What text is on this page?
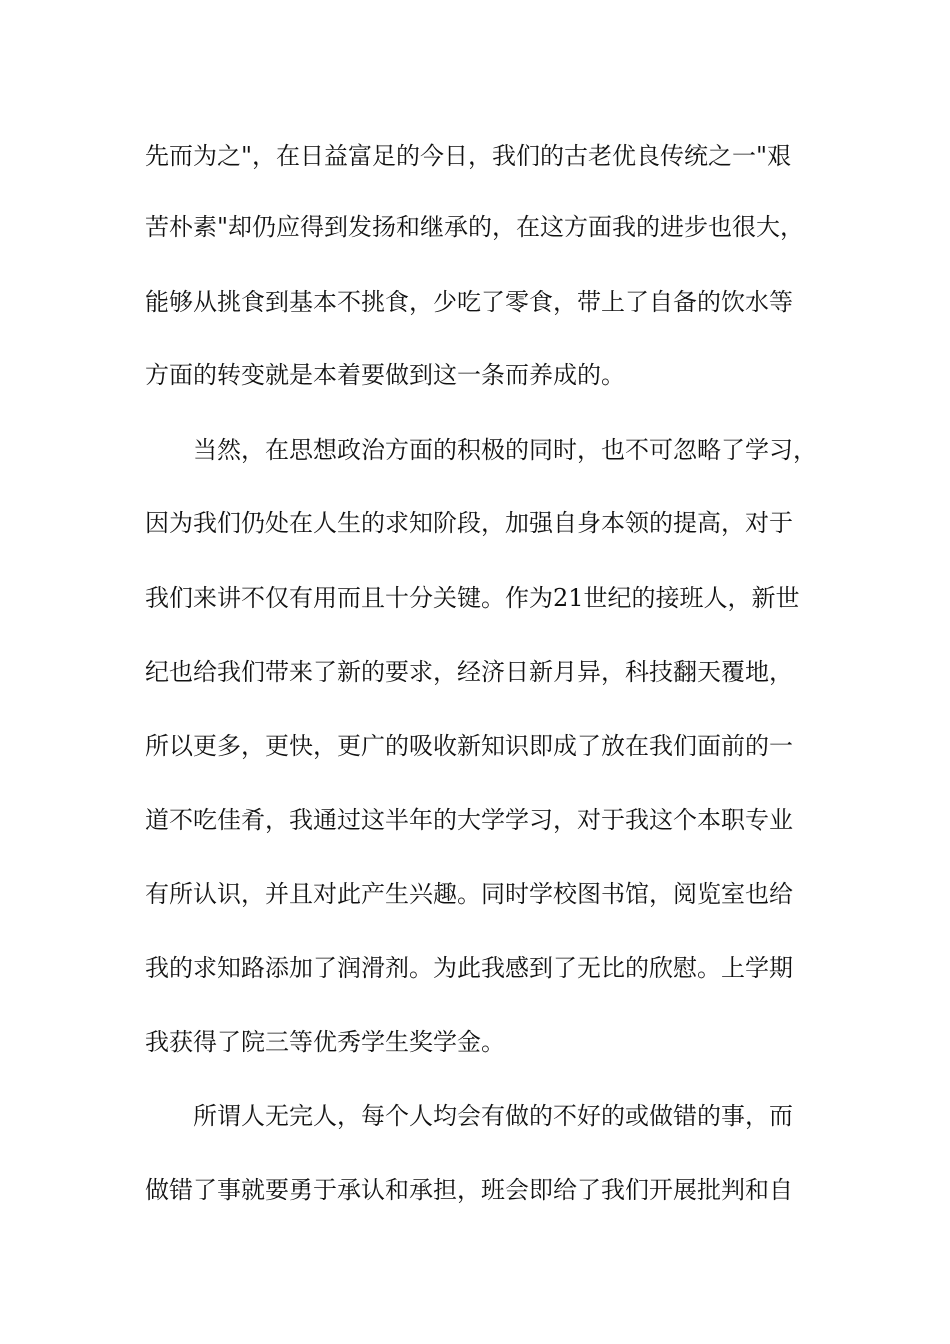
先而为之"，在日益富足的今日，我们的古老优良传统之一"艰
苦朴素"却仍应得到发扬和继承的，在这方面我的进步也很大，
能够从挑食到基本不挑食，少吃了零食，带上了自备的饮水等
方面的转变就是本着要做到这一条而养成的。
当然，在思想政治方面的积极的同时，也不可忽略了学习，
因为我们仍处在人生的求知阶段，加强自身本领的提高，对于
我们来讲不仅有用而且十分关键。作为21世纪的接班人，新世
纪也给我们带来了新的要求，经济日新月异，科技翻天覆地，
所以更多，更快，更广的吸收新知识即成了放在我们面前的一
道不吃佳肴，我通过这半年的大学学习，对于我这个本职专业
有所认识，并且对此产生兴趣。同时学校图书馆，阅览室也给
我的求知路添加了润滑剂。为此我感到了无比的欣慰。上学期
我获得了院三等优秀学生奖学金。
所谓人无完人，每个人均会有做的不好的或做错的事，而
做错了事就要勇于承认和承担，班会即给了我们开展批判和自
